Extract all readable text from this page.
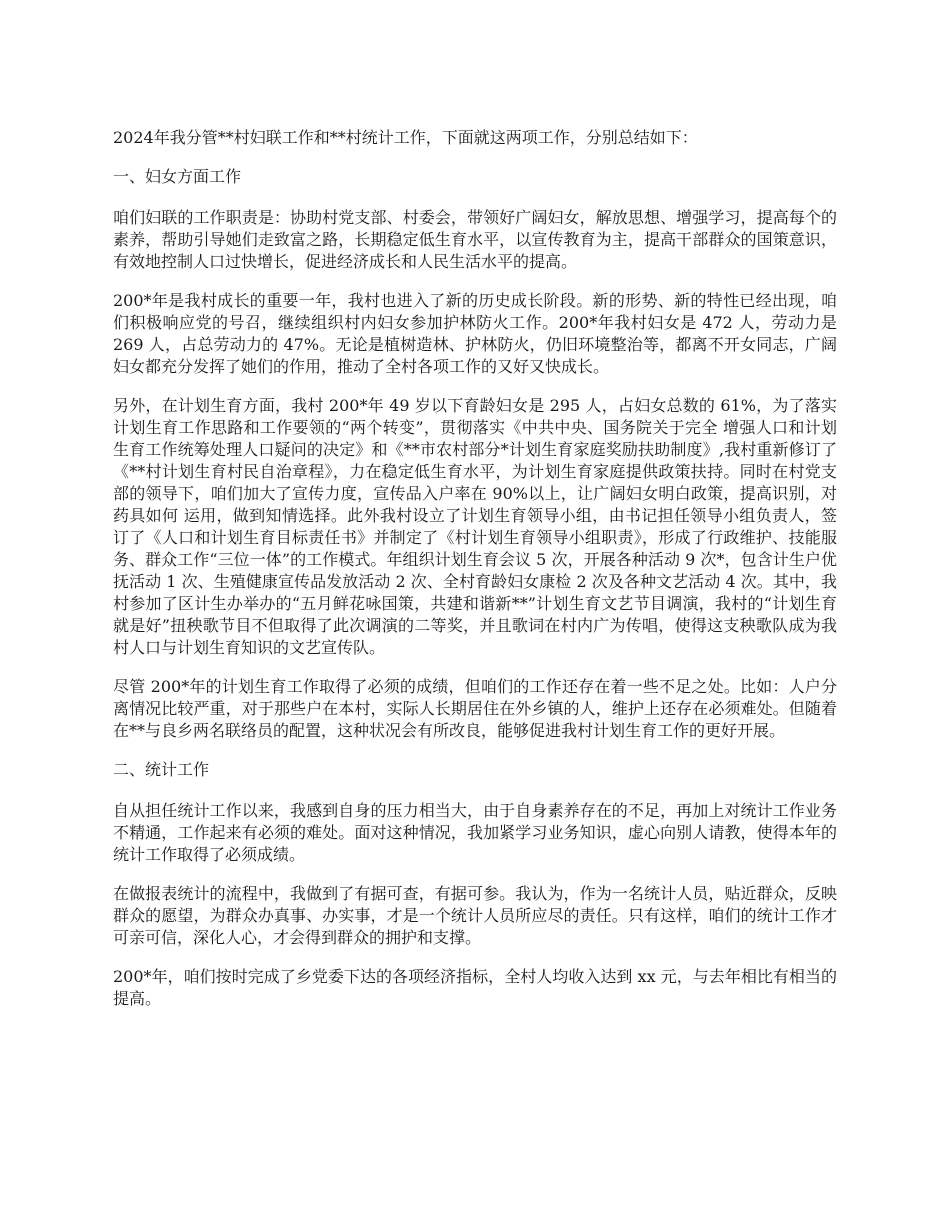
2024年我分管**村妇联工作和**村统计工作，下面就这两项工作，分别总结如下：

一、妇女方面工作

咱们妇联的工作职责是：协助村党支部、村委会，带领好广阔妇女，解放思想、增强学习，提高每个的素养，帮助引导她们走致富之路，长期稳定低生育水平，以宣传教育为主，提高干部群众的国策意识，有效地控制人口过快增长，促进经济成长和人民生活水平的提高。

200*年是我村成长的重要一年，我村也进入了新的历史成长阶段。新的形势、新的特性已经出现，咱们积极响应党的号召，继续组织村内妇女参加护林防火工作。200*年我村妇女是 472 人，劳动力是 269 人，占总劳动力的 47%。无论是植树造林、护林防火，仍旧环境整治等，都离不开女同志，广阔妇女都充分发挥了她们的作用，推动了全村各项工作的又好又快成长。

另外，在计划生育方面，我村 200*年 49 岁以下育龄妇女是 295 人，占妇女总数的 61%，为了落实计划生育工作思路和工作要领的“两个转变”，贯彻落实《中共中央、国务院关于完全 增强人口和计划生育工作统筹处理人口疑问的决定》和《**市农村部分*计划生育家庭奖励扶助制度》,我村重新修订了《**村计划生育村民自治章程》，力在稳定低生育水平，为计划生育家庭提供政策扶持。同时在村党支部的领导下，咱们加大了宣传力度，宣传品入户率在 90%以上，让广阔妇女明白政策，提高识别，对药具如何 运用，做到知情选择。此外我村设立了计划生育领导小组，由书记担任领导小组负责人，签订了《人口和计划生育目标责任书》并制定了《村计划生育领导小组职责》，形成了行政维护、技能服务、群众工作“三位一体”的工作模式。年组织计划生育会议 5 次，开展各种活动 9 次*，包含计生户优抚活动 1 次、生殖健康宣传品发放活动 2 次、全村育龄妇女康检 2 次及各种文艺活动 4 次。其中，我村参加了区计生办举办的“五月鲜花咏国策，共建和谐新**”计划生育文艺节目调演，我村的“计划生育就是好”扭秧歌节目不但取得了此次调演的二等奖，并且歌词在村内广为传唱，使得这支秧歌队成为我村人口与计划生育知识的文艺宣传队。

尽管 200*年的计划生育工作取得了必须的成绩，但咱们的工作还存在着一些不足之处。比如：人户分离情况比较严重，对于那些户在本村，实际人长期居住在外乡镇的人，维护上还存在必须难处。但随着在**与良乡两名联络员的配置，这种状况会有所改良，能够促进我村计划生育工作的更好开展。

二、统计工作

自从担任统计工作以来，我感到自身的压力相当大，由于自身素养存在的不足，再加上对统计工作业务不精通，工作起来有必须的难处。面对这种情况，我加紧学习业务知识，虚心向别人请教，使得本年的统计工作取得了必须成绩。

在做报表统计的流程中，我做到了有据可查，有据可参。我认为，作为一名统计人员，贴近群众，反映群众的愿望，为群众办真事、办实事，才是一个统计人员所应尽的责任。只有这样，咱们的统计工作才可亲可信，深化人心，才会得到群众的拥护和支撑。

200*年，咱们按时完成了乡党委下达的各项经济指标，全村人均收入达到 xx 元，与去年相比有相当的提高。
